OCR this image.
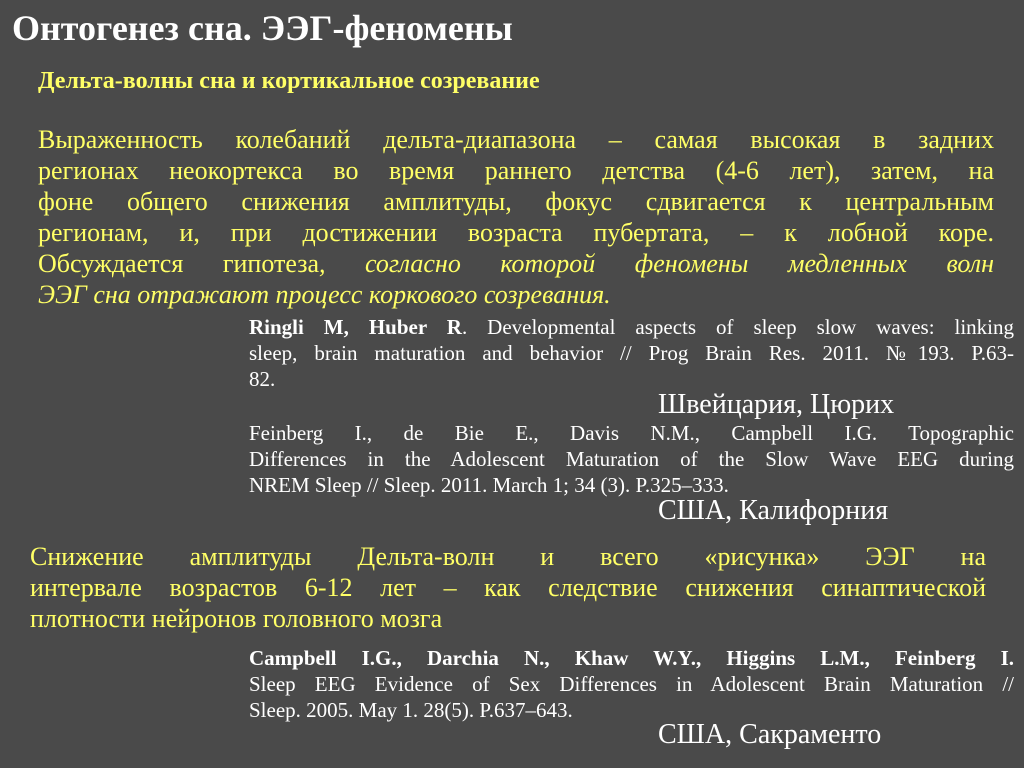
Онтогенез сна. ЭЭГ-феномены
Дельта-волны сна и кортикальное созревание
Выраженность колебаний дельта-диапазона – самая высокая в задних
регионах неокортекса во время раннего детства (4-6 лет), затем, на
фоне общего снижения амплитуды, фокус сдвигается к центральным
регионам, и, при достижении возраста пубертата, – к лобной коре.
Обсуждается гипотеза, согласно которой феномены медленных волн
ЭЭГ сна отражают процесс коркового созревания.
Ringli M, Huber R. Developmental aspects of sleep slow waves: linking
sleep, brain maturation and behavior // Prog Brain Res. 2011. №193. P.63-
82.
Швейцария, Цюрих
Feinberg I., de Bie E., Davis N.M., Campbell I.G. Topographic
Differences in the Adolescent Maturation of the Slow Wave EEG during
NREM Sleep // Sleep. 2011. March 1; 34 (3). P.325–333.
США, Калифорния
Снижение амплитуды Дельта-волн и всего «рисунка» ЭЭГ на
интервале возрастов 6-12 лет – как следствие снижения синаптической
плотности нейронов головного мозга
Campbell I.G., Darchia N., Khaw W.Y., Higgins L.M., Feinberg I.
Sleep EEG Evidence of Sex Differences in Adolescent Brain Maturation //
Sleep. 2005. May 1. 28(5). P.637–643.
США, Сакраменто
